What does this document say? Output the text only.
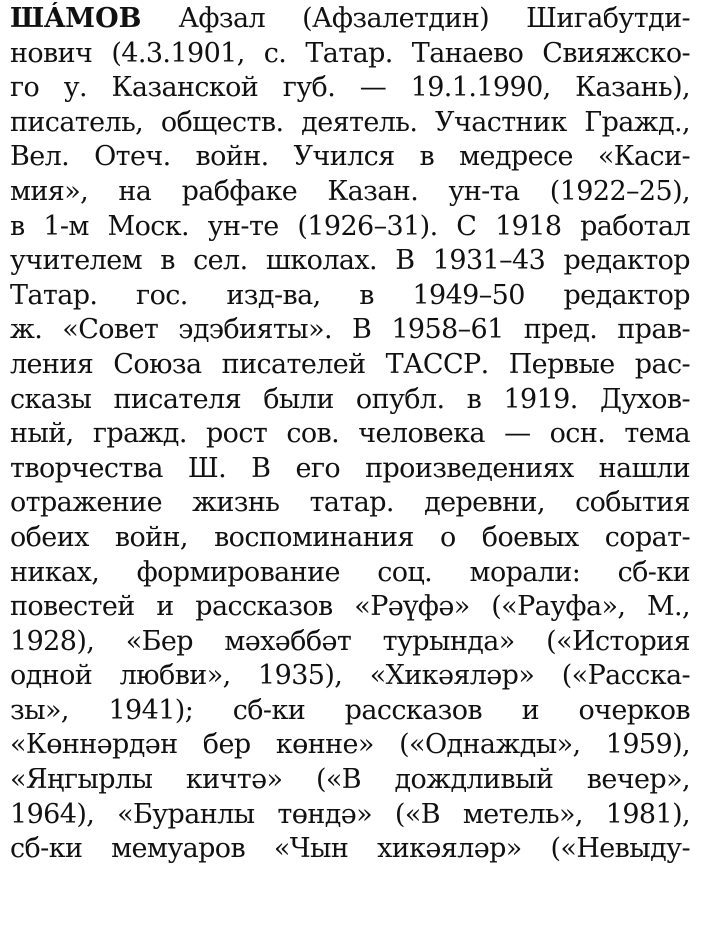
ШÁМОВ Афзал (Афзалетдин) Шигабутди-
нович (4.3.1901, с. Татар. Танаево Свияжско-
го у. Казанской губ. — 19.1.1990, Казань),
писатель, обществ. деятель. Участник Гражд.,
Вел. Отеч. войн. Учился в медресе «Каси-
мия», на рабфаке Казан. ун-та (1922–25),
в 1-м Моск. ун-те (1926–31). С 1918 работал
учителем в сел. школах. В 1931–43 редактор
Татар. гос. изд-ва, в 1949–50 редактор
ж. «Совет эдэбияты». В 1958–61 пред. прав-
ления Союза писателей ТАССР. Первые рас-
сказы писателя были опубл. в 1919. Духов-
ный, гражд. рост сов. человека — осн. тема
творчества Ш. В его произведениях нашли
отражение жизнь татар. деревни, события
обеих войн, воспоминания о боевых сорат-
никах, формирование соц. морали: сб-ки
повестей и рассказов «Рәүфә» («Рауфа», М.,
1928), «Бер мәхәббәт турында» («История
одной любви», 1935), «Хикәяләр» («Расска-
зы», 1941); сб-ки рассказов и очерков
«Көннәрдән бер көнне» («Однажды», 1959),
«Яңгырлы кичтә» («В дождливый вечер»,
1964), «Буранлы төндә» («В метель», 1981),
сб-ки мемуаров «Чын хикәяләр» («Невыду-
